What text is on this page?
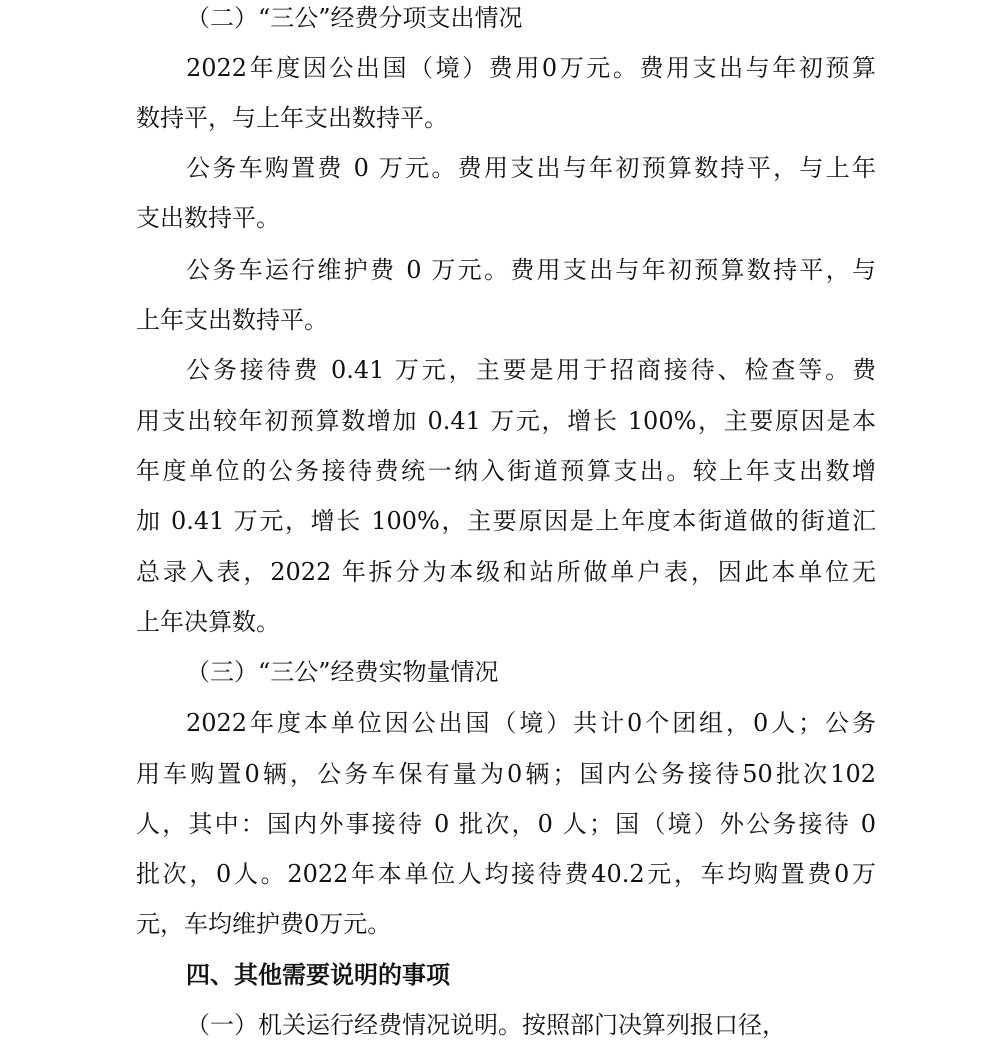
（二）“三公”经费分项支出情况
2022年度因公出国（境）费用0万元。费用支出与年初预算
数持平，与上年支出数持平。
公务车购置费 0 万元。费用支出与年初预算数持平，与上年
支出数持平。
公务车运行维护费 0 万元。费用支出与年初预算数持平，与
上年支出数持平。
公务接待费 0.41 万元，主要是用于招商接待、检查等。费
用支出较年初预算数增加 0.41 万元，增长 100%，主要原因是本
年度单位的公务接待费统一纳入街道预算支出。较上年支出数增
加 0.41 万元，增长 100%，主要原因是上年度本街道做的街道汇
总录入表，2022 年拆分为本级和站所做单户表，因此本单位无
上年决算数。
（三）“三公”经费实物量情况
2022年度本单位因公出国（境）共计0个团组，0人；公务
用车购置0辆，公务车保有量为0辆；国内公务接待50批次102
人，其中：国内外事接待 0 批次，0 人；国（境）外公务接待 0
批次，0人。2022年本单位人均接待费40.2元，车均购置费0万
元，车均维护费0万元。
四、其他需要说明的事项
（一）机关运行经费情况说明。按照部门决算列报口径，
